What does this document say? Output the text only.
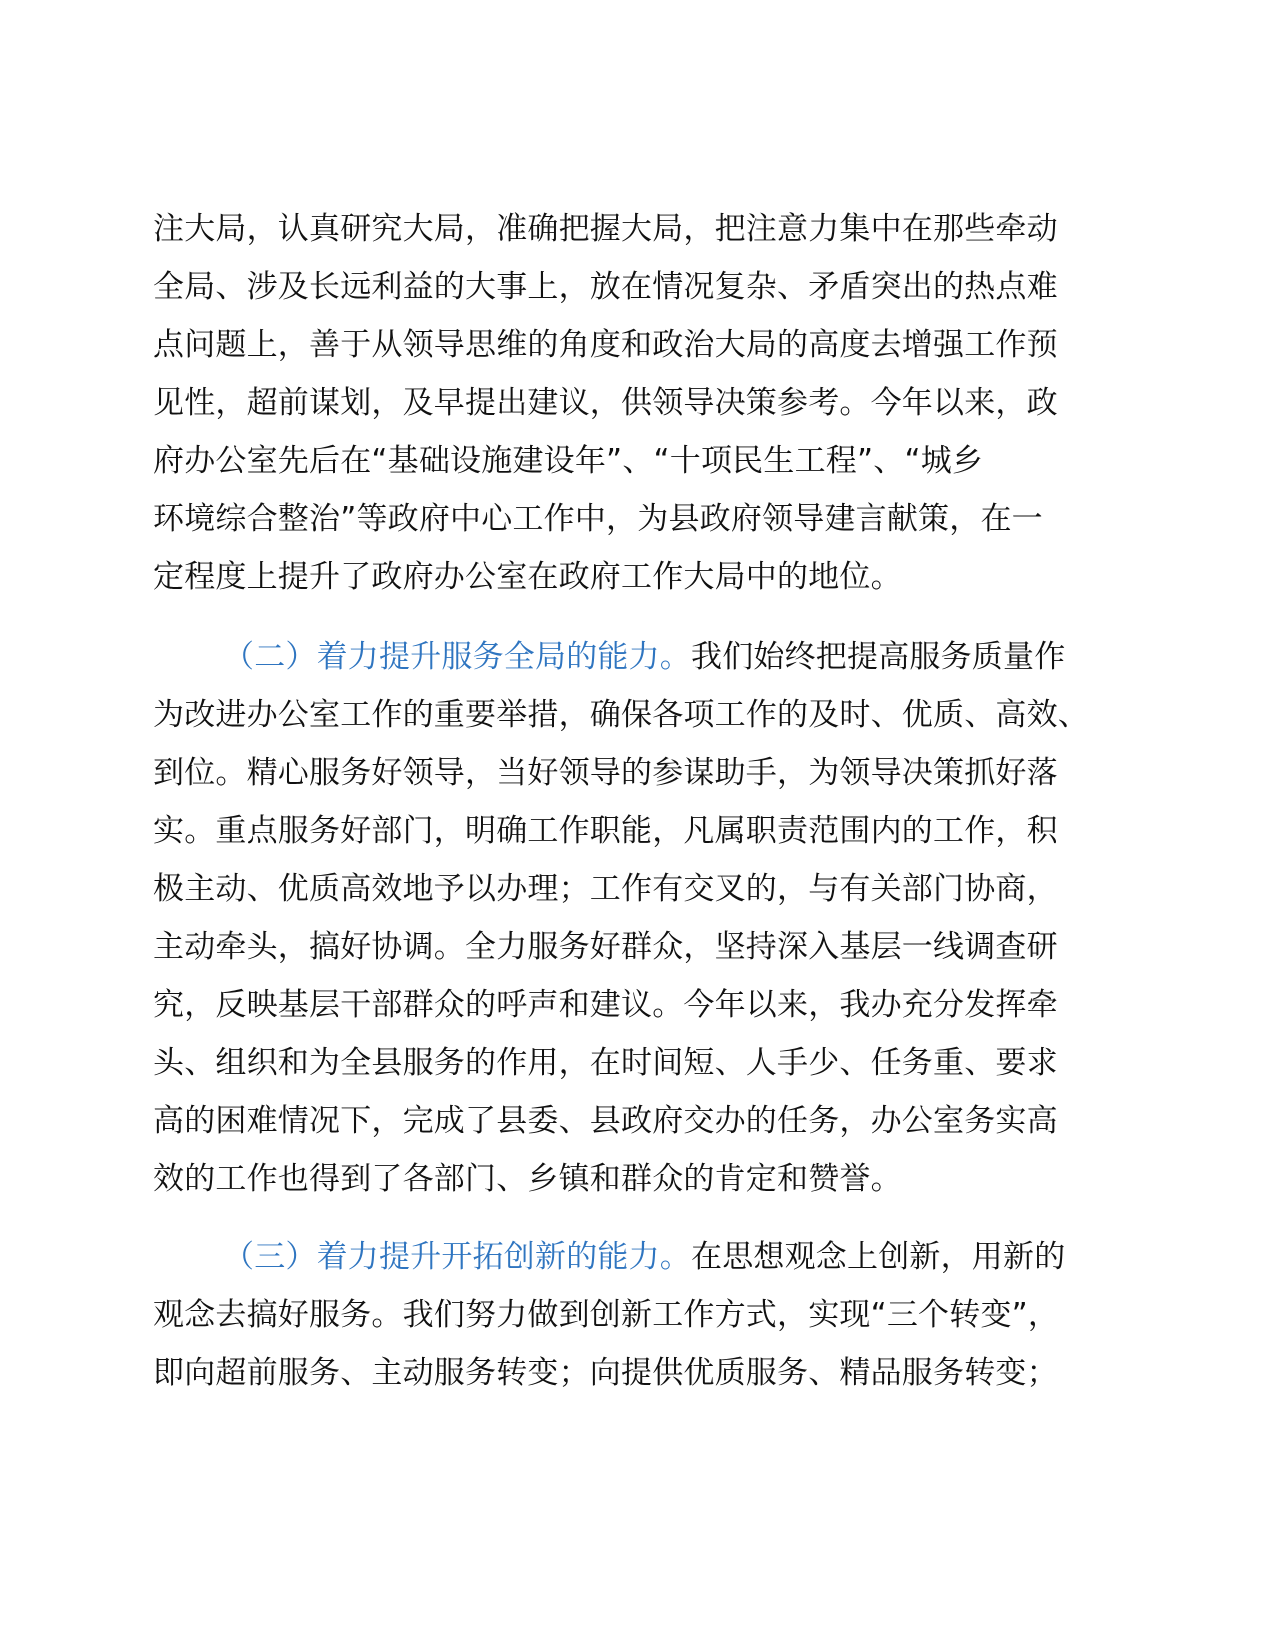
注大局，认真研究大局，准确把握大局，把注意力集中在那些牵动
全局、涉及长远利益的大事上，放在情况复杂、矛盾突出的热点难
点问题上，善于从领导思维的角度和政治大局的高度去增强工作预
见性，超前谋划，及早提出建议，供领导决策参考。今年以来，政
府办公室先后在“基础设施建设年”、“十项民生工程”、“城乡
环境综合整治”等政府中心工作中，为县政府领导建言献策，在一
定程度上提升了政府办公室在政府工作大局中的地位。
（二）着力提升服务全局的能力。我们始终把提高服务质量作
为改进办公室工作的重要举措，确保各项工作的及时、优质、高效、
到位。精心服务好领导，当好领导的参谋助手，为领导决策抓好落
实。重点服务好部门，明确工作职能，凡属职责范围内的工作，积
极主动、优质高效地予以办理；工作有交叉的，与有关部门协商，
主动牵头，搞好协调。全力服务好群众，坚持深入基层一线调查研
究，反映基层干部群众的呼声和建议。今年以来，我办充分发挥牵
头、组织和为全县服务的作用，在时间短、人手少、任务重、要求
高的困难情况下，完成了县委、县政府交办的任务，办公室务实高
效的工作也得到了各部门、乡镇和群众的肯定和赞誉。
（三）着力提升开拓创新的能力。在思想观念上创新，用新的
观念去搞好服务。我们努力做到创新工作方式，实现“三个转变”，
即向超前服务、主动服务转变；向提供优质服务、精品服务转变；
